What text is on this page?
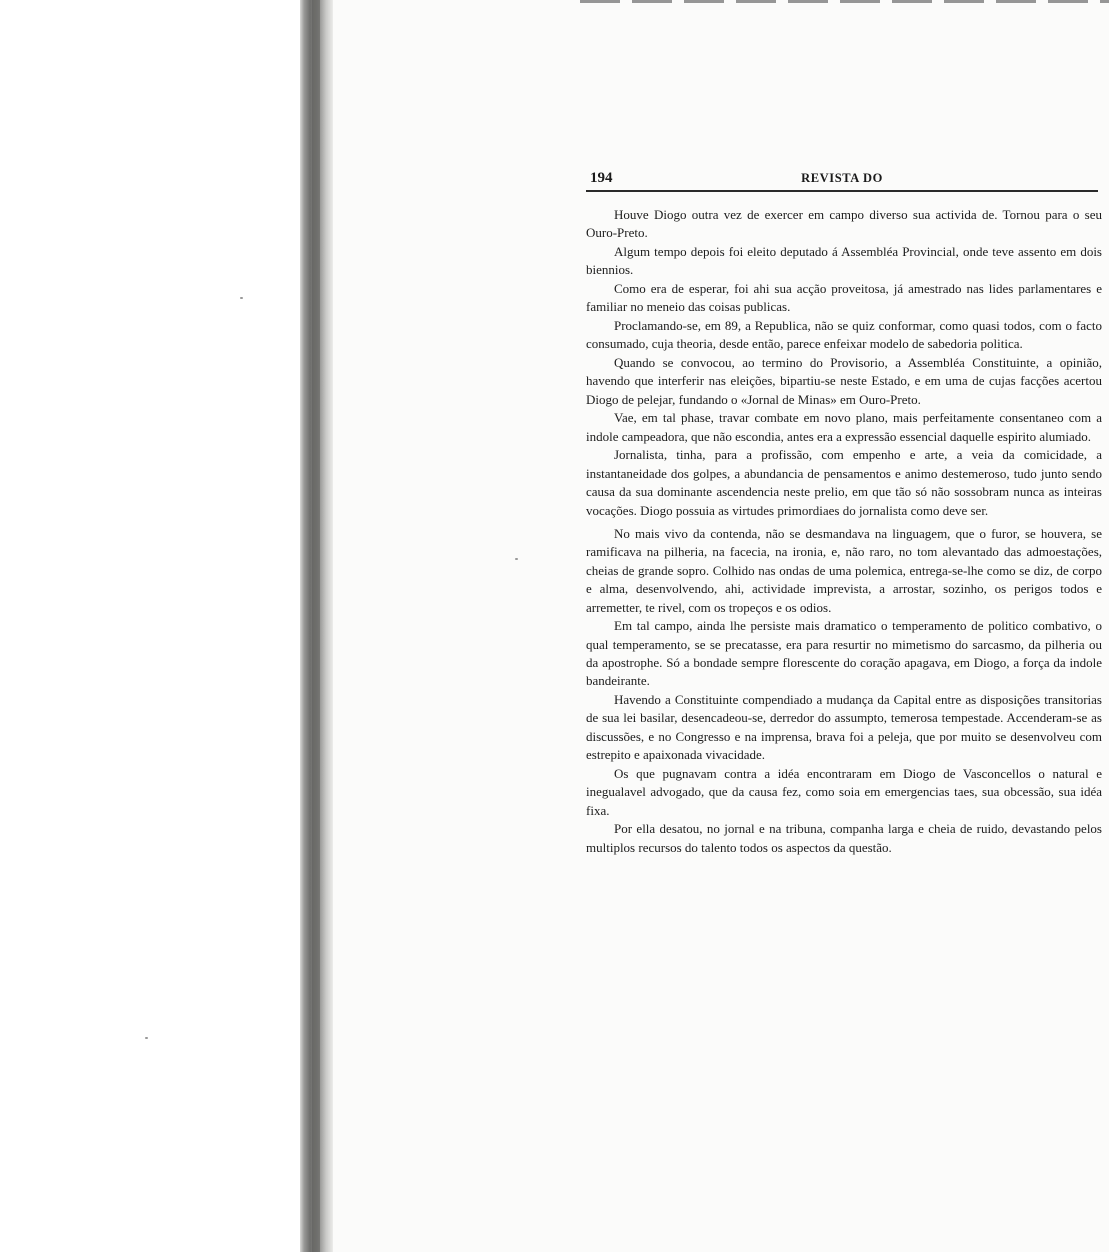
194	REVISTA DO

Houve Diogo outra vez de exercer em campo diverso sua activida de. Tornou para o seu Ouro-Preto.

Algum tempo depois foi eleito deputado á Assembléa Provincial, onde teve assento em dois biennios.

Como era de esperar, foi ahi sua acção proveitosa, já amestrado nas lides parlamentares e familiar no meneio das coisas publicas.

Proclamando-se, em 89, a Republica, não se quiz conformar, como quasi todos, com o facto consumado, cuja theoria, desde então, parece enfeixar modelo de sabedoria politica.

Quando se convocou, ao termino do Provisorio, a Assembléa Constituinte, a opinião, havendo que interferir nas eleições, bipartiu-se neste Estado, e em uma de cujas facções acertou Diogo de pelejar, fundando o «Jornal de Minas» em Ouro-Preto.

Vae, em tal phase, travar combate em novo plano, mais perfeitamente consentaneo com a indole campeadora, que não escondia, antes era a expressão essencial daquelle espirito alumiado.

Jornalista, tinha, para a profissão, com empenho e arte, a veia da comicidade, a instantaneidade dos golpes, a abundancia de pensamentos e animo destemeroso, tudo junto sendo causa da sua dominante ascendencia neste prelio, em que tão só não sossobram nunca as inteiras vocações. Diogo possuia as virtudes primordiaes do jornalista como deve ser.

No mais vivo da contenda, não se desmandava na linguagem, que o furor, se houvera, se ramificava na pilheria, na facecia, na ironia, e, não raro, no tom alevantado das admoestações, cheias de grande sopro. Colhido nas ondas de uma polemica, entrega-se-lhe como se diz, de corpo e alma, desenvolvendo, ahi, actividade imprevista, a arrostar, sozinho, os perigos todos e arremetter, te rivel, com os tropeços e os odios.

Em tal campo, ainda lhe persiste mais dramatico o temperamento de politico combativo, o qual temperamento, se se precatasse, era para resurtir no mimetismo do sarcasmo, da pilheria ou da apostrophe. Só a bondade sempre florescente do coração apagava, em Diogo, a força da indole bandeirante.

Havendo a Constituinte compendiado a mudança da Capital entre as disposições transitorias de sua lei basilar, desencadeou-se, derredor do assumpto, temerosa tempestade. Accenderam-se as discussões, e no Congresso e na imprensa, brava foi a peleja, que por muito se desenvolveu com estrepito e apaixonada vivacidade.

Os que pugnavam contra a idéa encontraram em Diogo de Vasconcellos o natural e inegualavel advogado, que da causa fez, como soia em emergencias taes, sua obcessão, sua idéa fixa.

Por ella desatou, no jornal e na tribuna, companha larga e cheia de ruido, devastando pelos multiplos recursos do talento todos os aspectos da questão.
